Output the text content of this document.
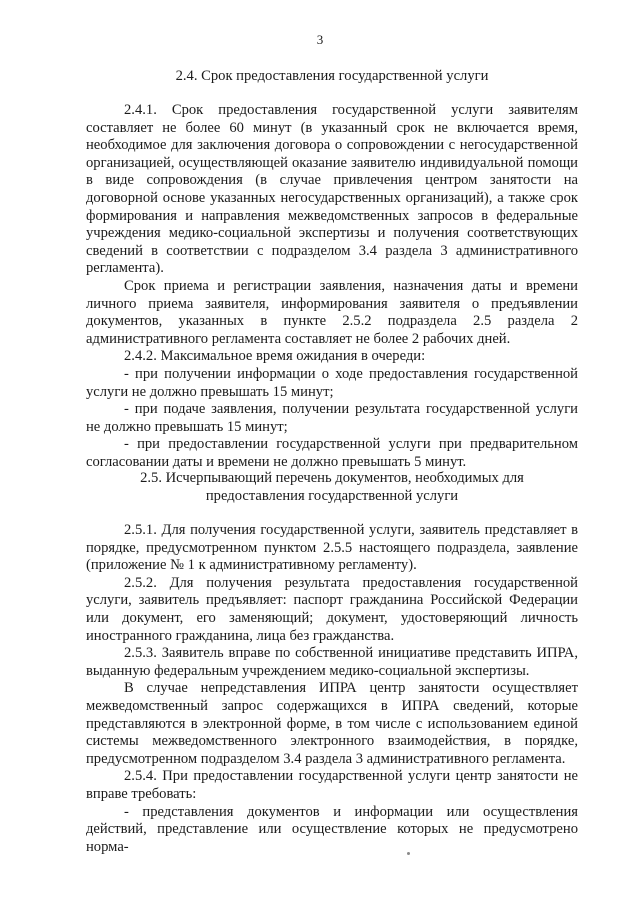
3
2.4. Срок предоставления государственной услуги

2.4.1. Срок предоставления государственной услуги заявителям составляет не более 60 минут (в указанный срок не включается время, необходимое для заключения договора о сопровождении с негосударственной организацией, осуществляющей оказание заявителю индивидуальной помощи в виде сопровождения (в случае привлечения центром занятости на договорной основе указанных негосударственных организаций), а также срок формирования и направления межведомственных запросов в федеральные учреждения медико-социальной экспертизы и получения соответствующих сведений в соответствии с подразделом 3.4 раздела 3 административного регламента).

Срок приема и регистрации заявления, назначения даты и времени личного приема заявителя, информирования заявителя о предъявлении документов, указанных в пункте 2.5.2 подраздела 2.5 раздела 2 административного регламента составляет не более 2 рабочих дней.

2.4.2. Максимальное время ожидания в очереди:

- при получении информации о ходе предоставления государственной услуги не должно превышать 15 минут;

- при подаче заявления, получении результата государственной услуги не должно превышать 15 минут;

- при предоставлении государственной услуги при предварительном согласовании даты и времени не должно превышать 5 минут.

2.5. Исчерпывающий перечень документов, необходимых для
предоставления государственной услуги

2.5.1. Для получения государственной услуги, заявитель представляет в порядке, предусмотренном пунктом 2.5.5 настоящего подраздела, заявление (приложение № 1 к административному регламенту).

2.5.2. Для получения результата предоставления государственной услуги, заявитель предъявляет: паспорт гражданина Российской Федерации или документ, его заменяющий; документ, удостоверяющий личность иностранного гражданина, лица без гражданства.

2.5.3. Заявитель вправе по собственной инициативе представить ИПРА, выданную федеральным учреждением медико-социальной экспертизы.

В случае непредставления ИПРА центр занятости осуществляет межведомственный запрос содержащихся в ИПРА сведений, которые представляются в электронной форме, в том числе с использованием единой системы межведомственного электронного взаимодействия, в порядке, предусмотренном подразделом 3.4 раздела 3 административного регламента.

2.5.4. При предоставлении государственной услуги центр занятости не вправе требовать:

- представления документов и информации или осуществления действий, представление или осуществление которых не предусмотрено норма-
